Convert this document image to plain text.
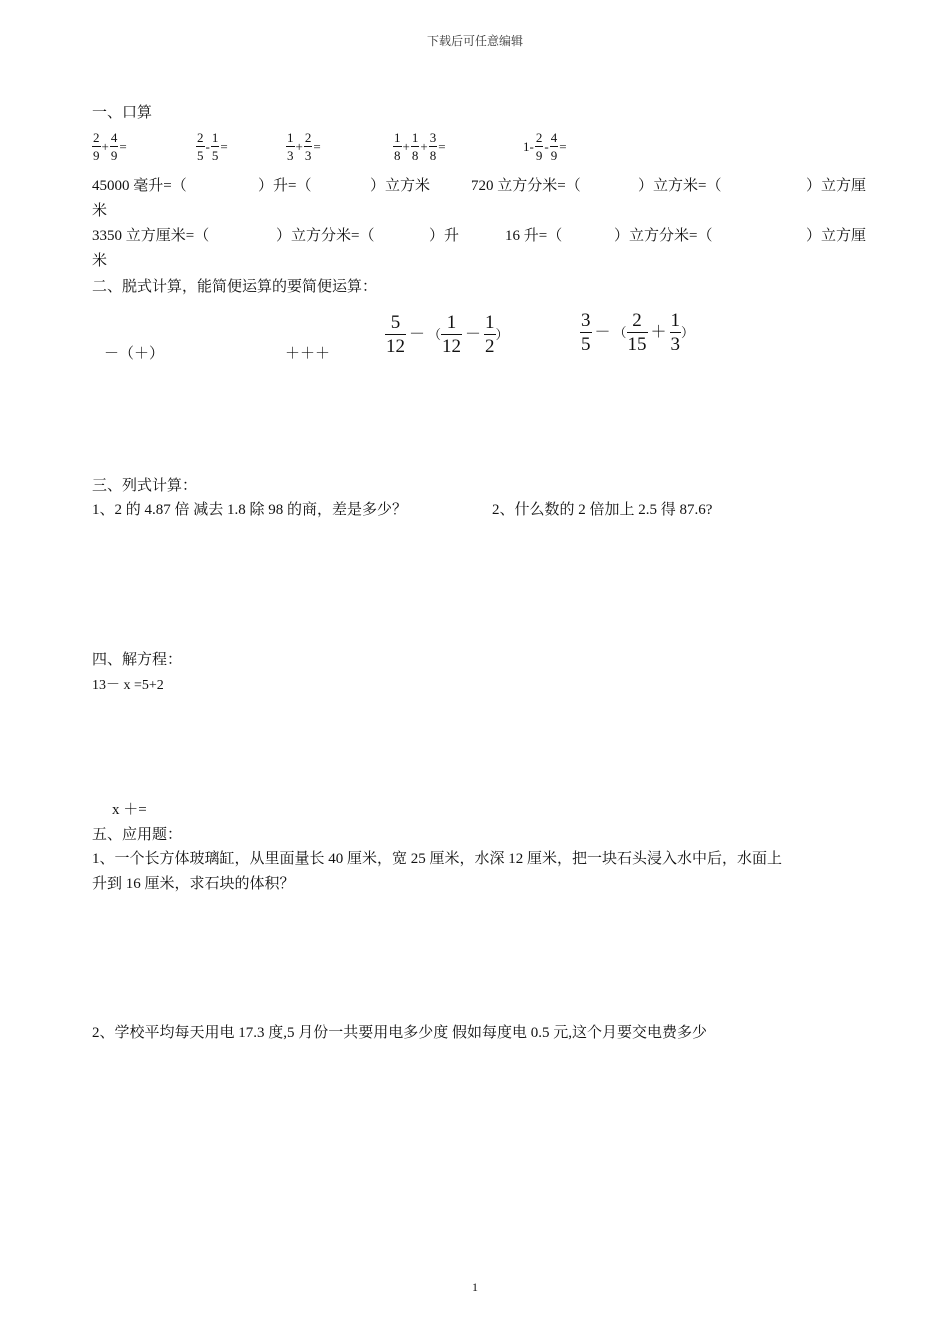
下载后可任意编辑
一、口算
$\frac{2}{9} + \frac{4}{9}$ =	$\frac{2}{5} - \frac{1}{5}$ =	$\frac{1}{3} + \frac{2}{3}$ =	$\frac{1}{8} + \frac{1}{8} + \frac{3}{8}$ =	$1- \frac{2}{9} - \frac{4}{9}$ =
45000 毫升=（	）升=（	）立方米	720 立方分米=（	）立方米=（	）立方厘
米
3350 立方厘米=（	）立方分米=（	）升	16 升=（	）立方分米=（	）立方厘
米
二、脱式计算，能简便运算的要简便运算：
－（＋）	＋＋＋	$\frac{5}{12}$ － （ $\frac{1}{12} - \frac{1}{2}$ ）	$\frac{3}{5}$ － （ $\frac{2}{15} + \frac{1}{3}$ ）
三、列式计算：
1、2 的 4.87 倍 减去 1.8 除 98 的商，差是多少？	2、什么数的 2 倍加上 2.5 得 87.6?
四、解方程：
13－ x =5+2
x ＋=
五、应用题：
1、一个长方体玻璃缸，从里面量长 40 厘米，宽 25 厘米，水深 12 厘米，把一块石头浸入水中后，水面上
升到 16 厘米，求石块的体积？
2、学校平均每天用电 17.3 度,5 月份一共要用电多少度 假如每度电 0.5 元,这个月要交电费多少
1
